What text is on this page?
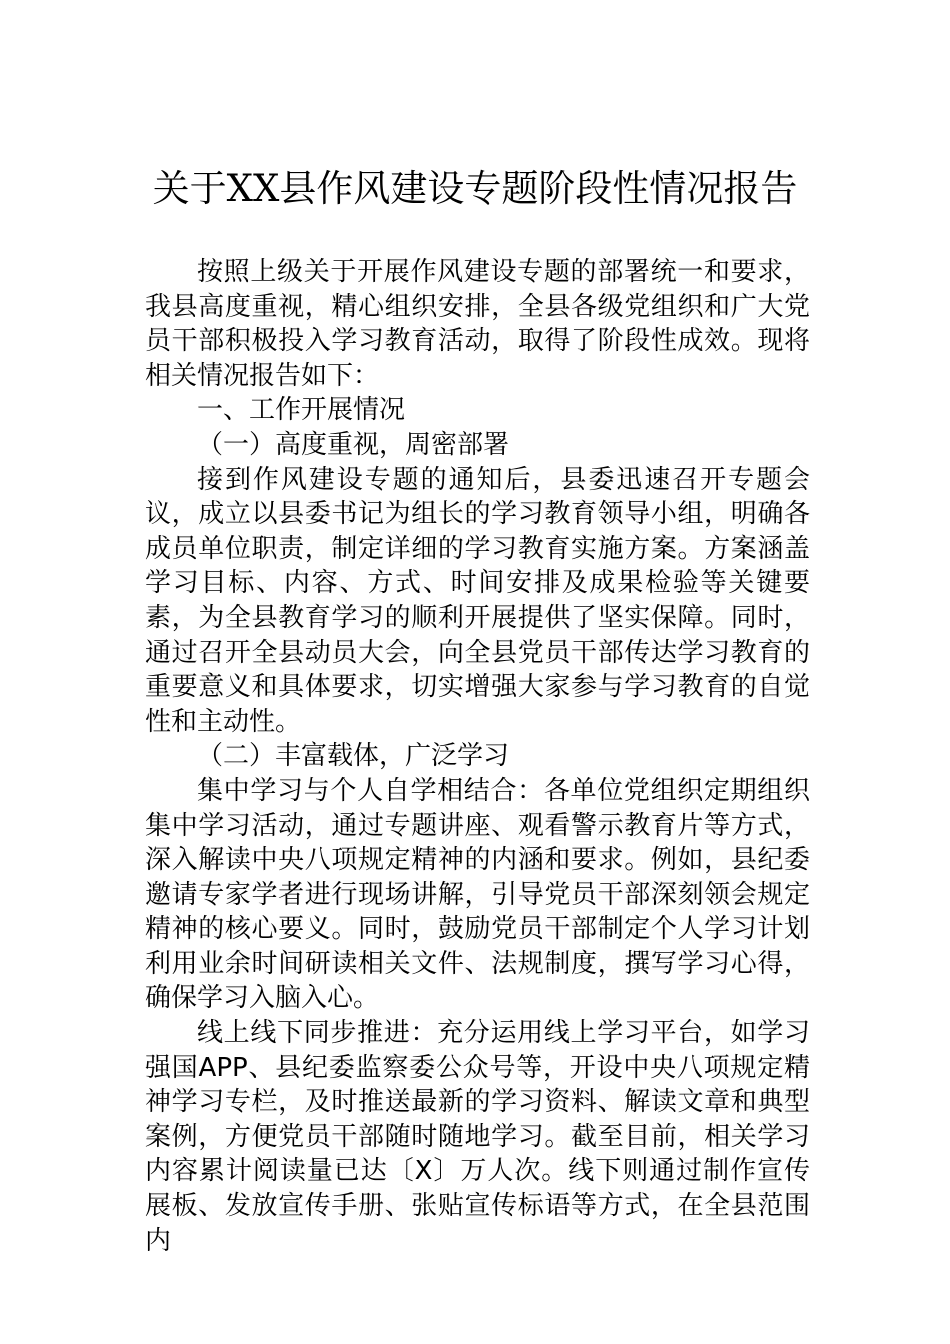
关于XX县作风建设专题阶段性情况报告

按照上级关于开展作风建设专题的部署统一和要求，我县高度重视，精心组织安排，全县各级党组织和广大党员干部积极投入学习教育活动，取得了阶段性成效。现将相关情况报告如下：

一、工作开展情况

（一）高度重视，周密部署

接到作风建设专题的通知后，县委迅速召开专题会议，成立以县委书记为组长的学习教育领导小组，明确各成员单位职责，制定详细的学习教育实施方案。方案涵盖学习目标、内容、方式、时间安排及成果检验等关键要素，为全县教育学习的顺利开展提供了坚实保障。同时，通过召开全县动员大会，向全县党员干部传达学习教育的重要意义和具体要求，切实增强大家参与学习教育的自觉性和主动性。

（二）丰富载体，广泛学习

集中学习与个人自学相结合：各单位党组织定期组织集中学习活动，通过专题讲座、观看警示教育片等方式，深入解读中央八项规定精神的内涵和要求。例如，县纪委邀请专家学者进行现场讲解，引导党员干部深刻领会规定精神的核心要义。同时，鼓励党员干部制定个人学习计划利用业余时间研读相关文件、法规制度，撰写学习心得，确保学习入脑入心。

线上线下同步推进：充分运用线上学习平台，如学习强国APP、县纪委监察委公众号等，开设中央八项规定精神学习专栏，及时推送最新的学习资料、解读文章和典型案例，方便党员干部随时随地学习。截至目前，相关学习内容累计阅读量已达〔X〕万人次。线下则通过制作宣传展板、发放宣传手册、张贴宣传标语等方式，在全县范围内
